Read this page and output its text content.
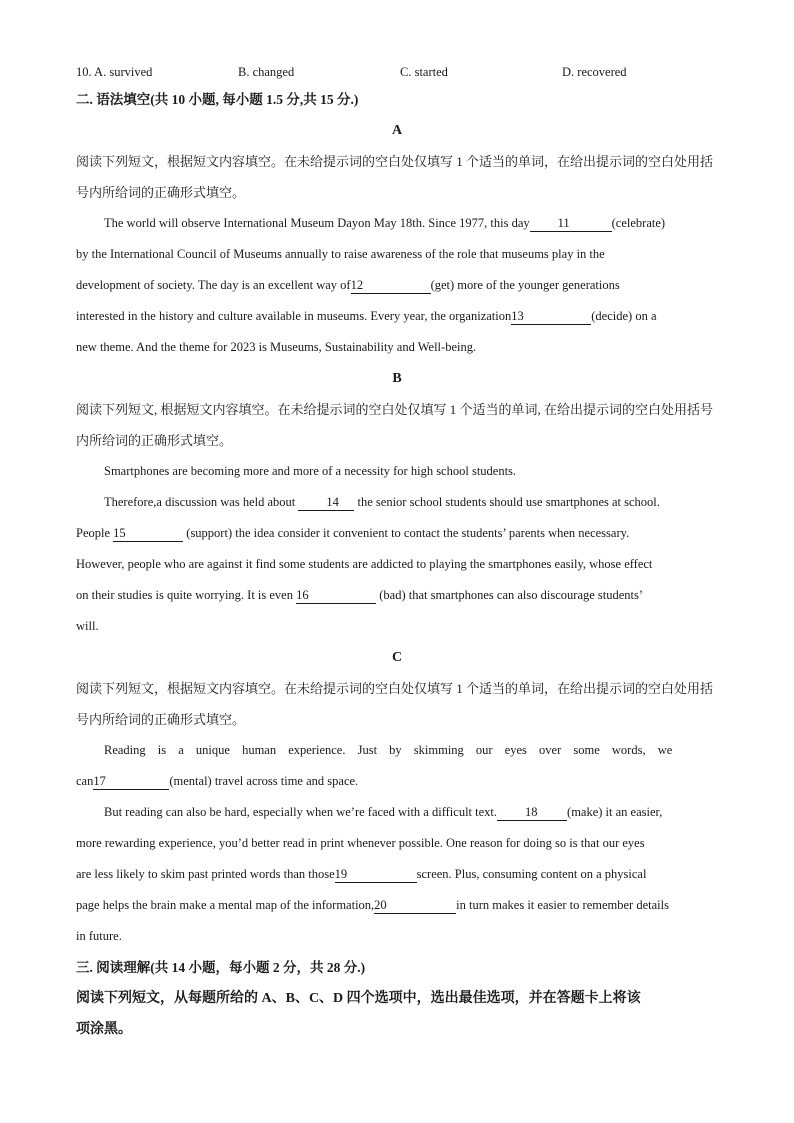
10. A. survived	B. changed	C. started	D. recovered
二. 语法填空(共 10 小题, 每小题 1.5 分,共 15 分.)
A
阅读下列短文，根据短文内容填空。在未给提示词的空白处仅填写 1 个适当的单词，在给出提示词的空白处用括号内所给词的正确形式填空。
The world will observe International Museum Dayon May 18th. Since 1977, this day 11	(celebrate)
by the International Council of Museums annually to raise awareness of the role that museums play in the
development of society. The day is an excellent way of12	(get) more of the younger generations
interested in the history and culture available in museums. Every year, the organization13	(decide) on a
new theme. And the theme for 2023 is Museums, Sustainability and Well-being.
B
阅读下列短文, 根据短文内容填空。在未给提示词的空白处仅填写 1 个适当的单词, 在给出提示词的空白处用括号内所给词的正确形式填空。
Smartphones are becoming more and more of a necessity for high school students.
Therefore,a discussion was held about 14 the senior school students should use smartphones at school.
People 15	(support) the idea consider it convenient to contact the students’ parents when necessary.
However, people who are against it find some students are addicted to playing the smartphones easily, whose effect
on their studies is quite worrying. It is even 16	(bad) that smartphones can also discourage students’
will.
C
阅读下列短文，根据短文内容填空。在未给提示词的空白处仅填写 1 个适当的单词，在给出提示词的空白处用括号内所给词的正确形式填空。
Reading is a unique human experience. Just by skimming our eyes over some words, we
can17	(mental) travel across time and space.
But reading can also be hard, especially when we’re faced with a difficult text. 18 (make) it an easier,
more rewarding experience, you’d better read in print whenever possible. One reason for doing so is that our eyes
are less likely to skim past printed words than those19	screen. Plus, consuming content on a physical
page helps the brain make a mental map of the information,20	in turn makes it easier to remember details
in future.
三. 阅读理解(共 14 小题，每小题 2 分，共 28 分.)
阅读下列短文，从每题所给的 A、B、C、D 四个选项中，选出最佳选项，并在答题卡上将该
项涂黑。
